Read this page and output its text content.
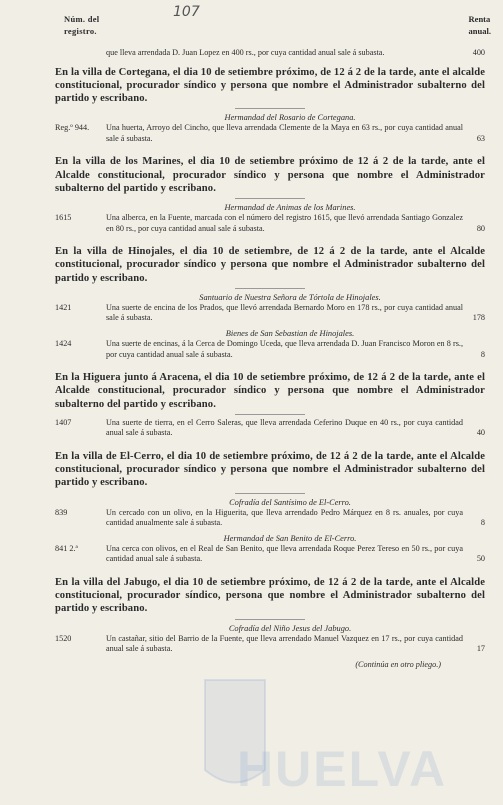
107
Núm. del
registro.
Renta
anual.
que lleva arrendada D. Juan Lopez en 400 rs., por cuya cantidad anual sale á subasta.	400
En la villa de Cortegana, el dia 10 de setiembre próximo, de 12 á 2 de la tarde, ante el alcalde constitucional, procurador síndico y persona que nombre el Administrador subalterno del partido y escribano.
Hermandad del Rosario de Cortegana.
Reg.º 944.	Una huerta, Arroyo del Cincho, que lleva arrendada Clemente de la Maya en 63 rs., por cuya cantidad anual sale á subasta.	63
En la villa de los Marines, el dia 10 de setiembre próximo de 12 á 2 de la tarde, ante el Alcalde constitucional, procurador síndico y persona que nombre el Administrador subalterno del partido y escribano.
Hermandad de Animas de los Marines.
1615	Una alberca, en la Fuente, marcada con el número del registro 1615, que llevó arrendada Santiago Gonzalez en 80 rs., por cuya cantidad anual sale á subasta.	80
En la villa de Hinojales, el dia 10 de setiembre, de 12 á 2 de la tarde, ante el Alcalde constitucional, procurador síndico y persona que nombre el Administrador subalterno del partido y escribano.
Santuario de Nuestra Señora de Tórtola de Hinojales.
1421	Una suerte de encina de los Prados, que llevó arrendada Bernardo Moro en 178 rs., por cuya cantidad anual sale á subasta.	178
Bienes de San Sebastian de Hinojales.
1424	Una suerte de encinas, á la Cerca de Domingo Uceda, que lleva arrendada D. Juan Francisco Moron en 8 rs., por cuya cantidad anual sale á subasta.	8
En la Higuera junto á Aracena, el dia 10 de setiembre próximo, de 12 á 2 de la tarde, ante el Alcalde constitucional, procurador síndico y persona que nombre el Administrador subalterno del partido y escribano.
1407	Una suerte de tierra, en el Cerro Saleras, que lleva arrendada Ceferino Duque en 40 rs., por cuya cantidad anual sale á subasta.	40
En la villa de El-Cerro, el dia 10 de setiembre próximo, de 12 á 2 de la tarde, ante el Alcalde constitucional, procurador síndico y persona que nombre el Administrador subalterno del partido y escribano.
Cofradía del Santísimo de El-Cerro.
839	Un cercado con un olivo, en la Higuerita, que lleva arrendado Pedro Márquez en 8 rs. anuales, por cuya cantidad anualmente sale á subasta.	8
Hermandad de San Benito de El-Cerro.
841 2.ª	Una cerca con olivos, en el Real de San Benito, que lleva arrendada Roque Perez Tereso en 50 rs., por cuya cantidad anual sale á subasta.	50
En la villa del Jabugo, el dia 10 de setiembre próximo, de 12 á 2 de la tarde, ante el Alcalde constitucional, procurador síndico, persona que nombre el Administrador subalterno del partido y escribano.
Cofradía del Niño Jesus del Jabugo.
1520	Un castañar, sitio del Barrio de la Fuente, que lleva arrendado Manuel Vazquez en 17 rs., por cuya cantidad anual sale á subasta.	17
(Continúa en otro pliego.)
HUELVA
